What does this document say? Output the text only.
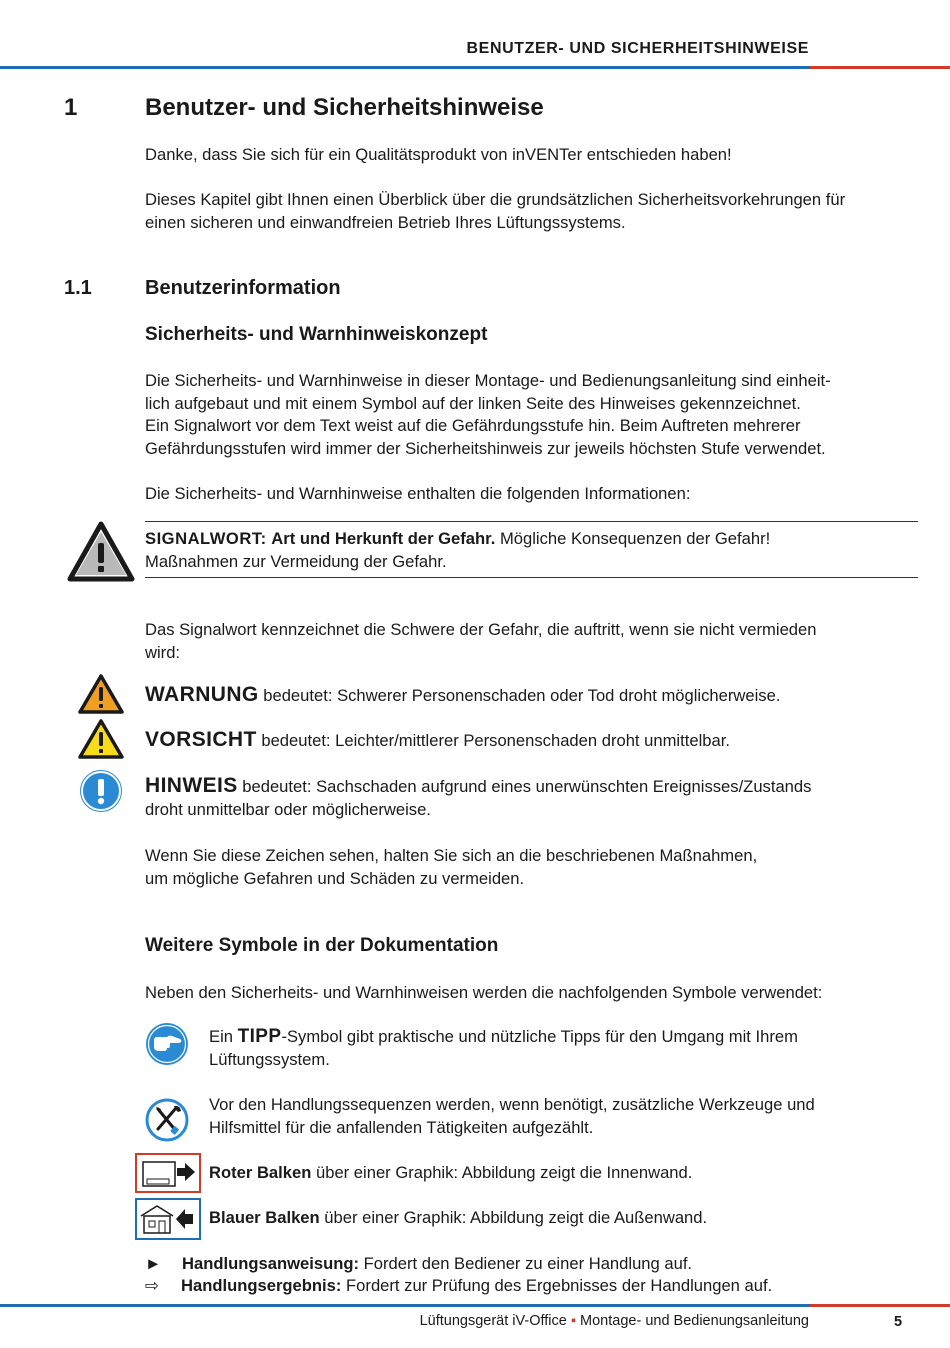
BENUTZER- UND SICHERHEITSHINWEISE
1	Benutzer- und Sicherheitshinweise
Danke, dass Sie sich für ein Qualitätsprodukt von inVENTer entschieden haben!
Dieses Kapitel gibt Ihnen einen Überblick über die grundsätzlichen Sicherheitsvorkehrungen für
einen sicheren und einwandfreien Betrieb Ihres Lüftungssystems.
1.1	Benutzerinformation
Sicherheits- und Warnhinweiskonzept
Die Sicherheits- und Warnhinweise in dieser Montage- und Bedienungsanleitung sind einheit-
lich aufgebaut und mit einem Symbol auf der linken Seite des Hinweises gekennzeichnet.
Ein Signalwort vor dem Text weist auf die Gefährdungsstufe hin. Beim Auftreten mehrerer
Gefährdungsstufen wird immer der Sicherheitshinweis zur jeweils höchsten Stufe verwendet.
Die Sicherheits- und Warnhinweise enthalten die folgenden Informationen:
SIGNALWORT: Art und Herkunft der Gefahr. Mögliche Konsequenzen der Gefahr!
Maßnahmen zur Vermeidung der Gefahr.
Das Signalwort kennzeichnet die Schwere der Gefahr, die auftritt, wenn sie nicht vermieden
wird:
WARNUNG bedeutet: Schwerer Personenschaden oder Tod droht möglicherweise.
VORSICHT bedeutet: Leichter/mittlerer Personenschaden droht unmittelbar.
HINWEIS bedeutet: Sachschaden aufgrund eines unerwünschten Ereignisses/Zustands
droht unmittelbar oder möglicherweise.
Wenn Sie diese Zeichen sehen, halten Sie sich an die beschriebenen Maßnahmen,
um mögliche Gefahren und Schäden zu vermeiden.
Weitere Symbole in der Dokumentation
Neben den Sicherheits- und Warnhinweisen werden die nachfolgenden Symbole verwendet:
Ein TIPP-Symbol gibt praktische und nützliche Tipps für den Umgang mit Ihrem
Lüftungssystem.
Vor den Handlungssequenzen werden, wenn benötigt, zusätzliche Werkzeuge und
Hilfsmittel für die anfallenden Tätigkeiten aufgezählt.
Roter Balken über einer Graphik: Abbildung zeigt die Innenwand.
Blauer Balken über einer Graphik: Abbildung zeigt die Außenwand.
► Handlungsanweisung: Fordert den Bediener zu einer Handlung auf.
⇨ Handlungsergebnis: Fordert zur Prüfung des Ergebnisses der Handlungen auf.
Lüftungsgerät iV-Office ▪ Montage- und Bedienungsanleitung	5
